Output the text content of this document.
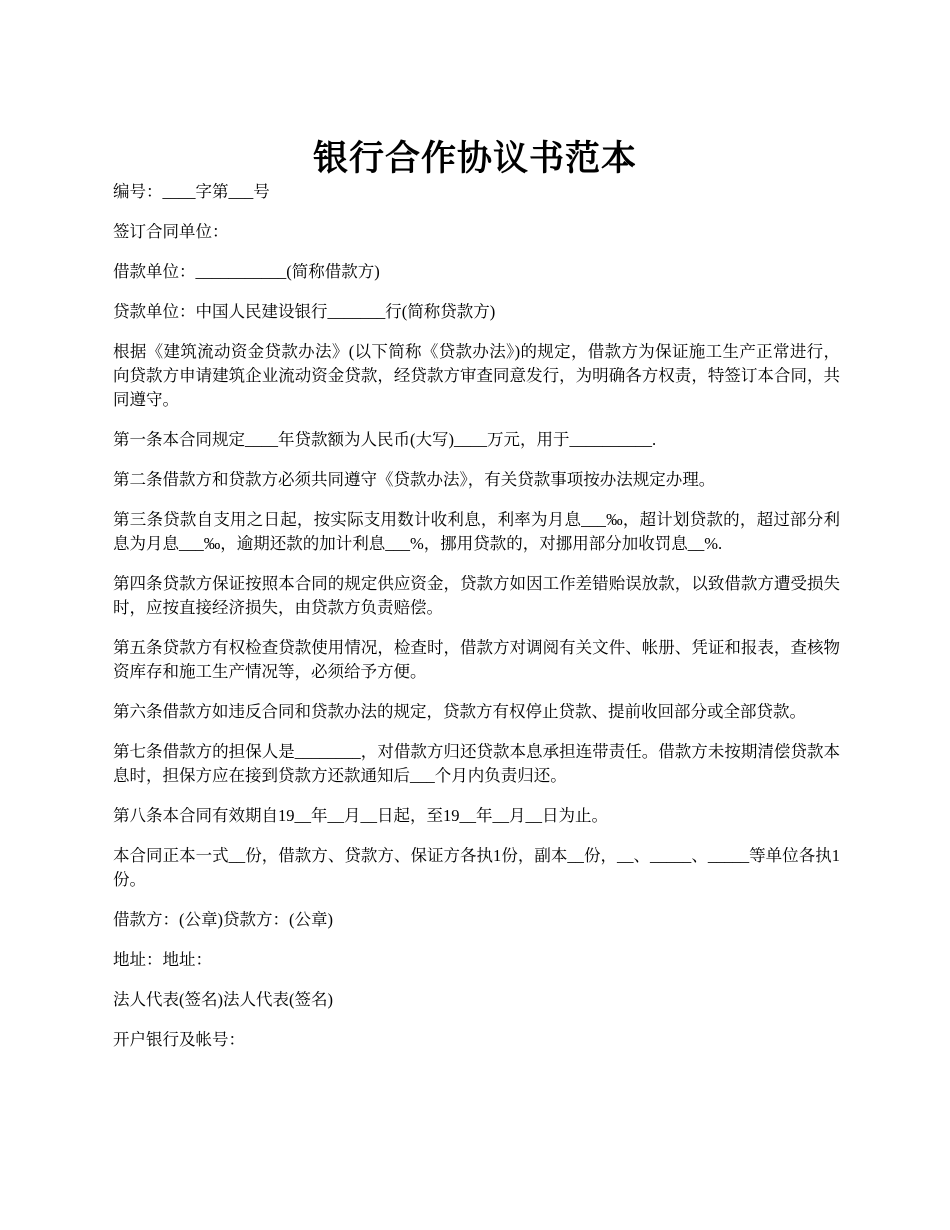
银行合作协议书范本

编号：____字第___号

签订合同单位：

借款单位：___________(简称借款方)

贷款单位：中国人民建设银行_______行(简称贷款方)

根据《建筑流动资金贷款办法》(以下简称《贷款办法》)的规定，借款方为保证施工生产正常进行，向贷款方申请建筑企业流动资金贷款，经贷款方审查同意发行，为明确各方权责，特签订本合同，共同遵守。

第一条本合同规定____年贷款额为人民币(大写)____万元，用于__________.

第二条借款方和贷款方必须共同遵守《贷款办法》，有关贷款事项按办法规定办理。

第三条贷款自支用之日起，按实际支用数计收利息，利率为月息___‰，超计划贷款的，超过部分利息为月息___‰，逾期还款的加计利息___%，挪用贷款的，对挪用部分加收罚息__%.

第四条贷款方保证按照本合同的规定供应资金，贷款方如因工作差错贻误放款，以致借款方遭受损失时，应按直接经济损失，由贷款方负责赔偿。

第五条贷款方有权检查贷款使用情况，检查时，借款方对调阅有关文件、帐册、凭证和报表，查核物资库存和施工生产情况等，必须给予方便。

第六条借款方如违反合同和贷款办法的规定，贷款方有权停止贷款、提前收回部分或全部贷款。

第七条借款方的担保人是________，对借款方归还贷款本息承担连带责任。借款方未按期清偿贷款本息时，担保方应在接到贷款方还款通知后___个月内负责归还。

第八条本合同有效期自19__年__月__日起，至19__年__月__日为止。

本合同正本一式__份，借款方、贷款方、保证方各执1份，副本__份，__、_____、_____等单位各执1份。

借款方：(公章)贷款方：(公章)

地址：地址：

法人代表(签名)法人代表(签名)

开户银行及帐号：
